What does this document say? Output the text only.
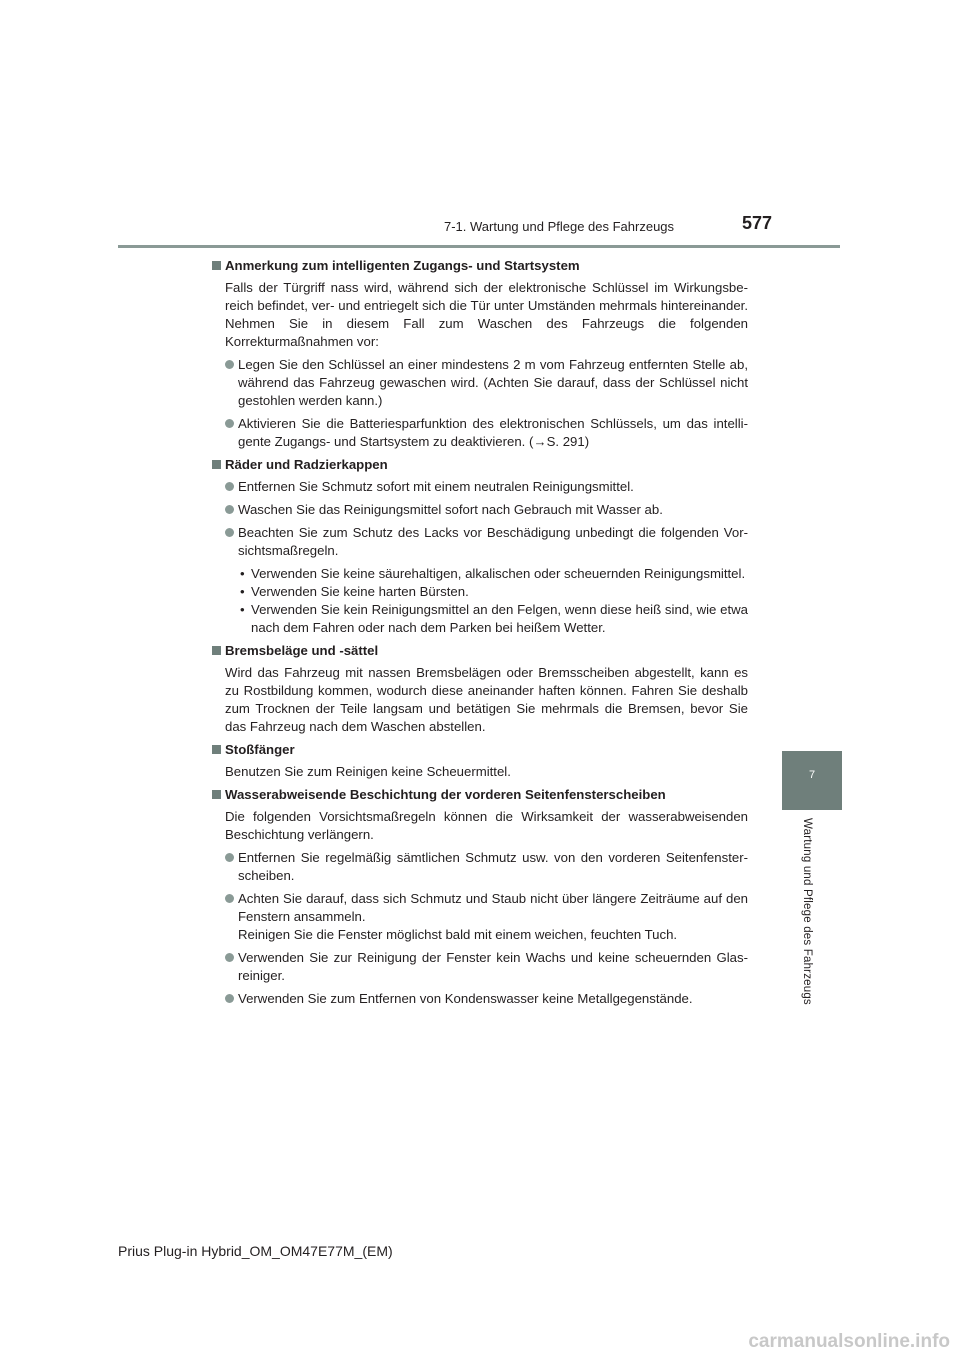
7-1. Wartung und Pflege des Fahrzeugs	577
7
Wartung und Pflege des Fahrzeugs
Anmerkung zum intelligenten Zugangs- und Startsystem
Falls der Türgriff nass wird, während sich der elektronische Schlüssel im Wirkungsbereich befindet, ver- und entriegelt sich die Tür unter Umständen mehrmals hintereinander. Nehmen Sie in diesem Fall zum Waschen des Fahrzeugs die folgenden Korrekturmaßnahmen vor:
Legen Sie den Schlüssel an einer mindestens 2 m vom Fahrzeug entfernten Stelle ab, während das Fahrzeug gewaschen wird. (Achten Sie darauf, dass der Schlüssel nicht gestohlen werden kann.)
Aktivieren Sie die Batteriesparfunktion des elektronischen Schlüssels, um das intelligente Zugangs- und Startsystem zu deaktivieren. (→S. 291)
Räder und Radzierkappen
Entfernen Sie Schmutz sofort mit einem neutralen Reinigungsmittel.
Waschen Sie das Reinigungsmittel sofort nach Gebrauch mit Wasser ab.
Beachten Sie zum Schutz des Lacks vor Beschädigung unbedingt die folgenden Vorsichtsmaßregeln.
• Verwenden Sie keine säurehaltigen, alkalischen oder scheuernden Reinigungsmittel.
• Verwenden Sie keine harten Bürsten.
• Verwenden Sie kein Reinigungsmittel an den Felgen, wenn diese heiß sind, wie etwa nach dem Fahren oder nach dem Parken bei heißem Wetter.
Bremsbeläge und -sättel
Wird das Fahrzeug mit nassen Bremsbelägen oder Bremsscheiben abgestellt, kann es zu Rostbildung kommen, wodurch diese aneinander haften können. Fahren Sie deshalb zum Trocknen der Teile langsam und betätigen Sie mehrmals die Bremsen, bevor Sie das Fahrzeug nach dem Waschen abstellen.
Stoßfänger
Benutzen Sie zum Reinigen keine Scheuermittel.
Wasserabweisende Beschichtung der vorderen Seitenfensterscheiben
Die folgenden Vorsichtsmaßregeln können die Wirksamkeit der wasserabweisenden Beschichtung verlängern.
Entfernen Sie regelmäßig sämtlichen Schmutz usw. von den vorderen Seitenfensterscheiben.
Achten Sie darauf, dass sich Schmutz und Staub nicht über längere Zeiträume auf den Fenstern ansammeln.
Reinigen Sie die Fenster möglichst bald mit einem weichen, feuchten Tuch.
Verwenden Sie zur Reinigung der Fenster kein Wachs und keine scheuernden Glasreiniger.
Verwenden Sie zum Entfernen von Kondenswasser keine Metallgegenstände.
Prius Plug-in Hybrid_OM_OM47E77M_(EM)
carmanualsonline.info
